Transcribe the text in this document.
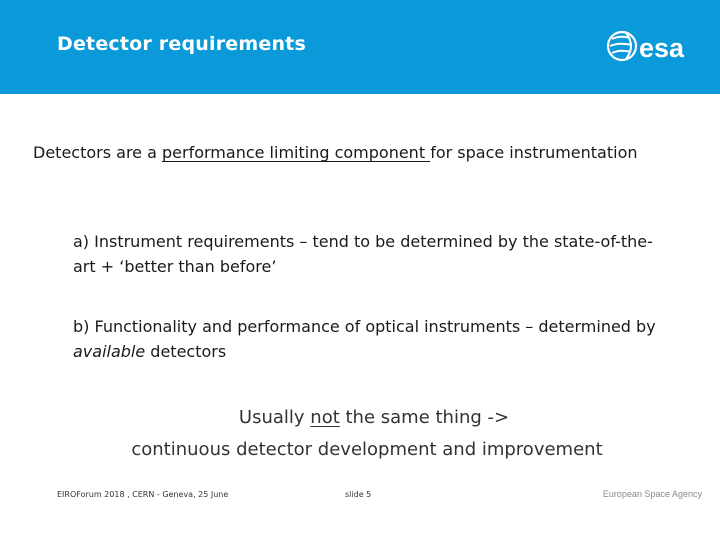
Detector requirements	esa
Detectors are a performance limiting component for space instrumentation
a) Instrument requirements – tend to be determined by the state-of-the-art + ‘better than before’
b) Functionality and performance of optical instruments – determined by available detectors
Usually not the same thing ->
continuous detector development and improvement
EIROForum 2018 , CERN - Geneva, 25 June	slide 5	European Space Agency
